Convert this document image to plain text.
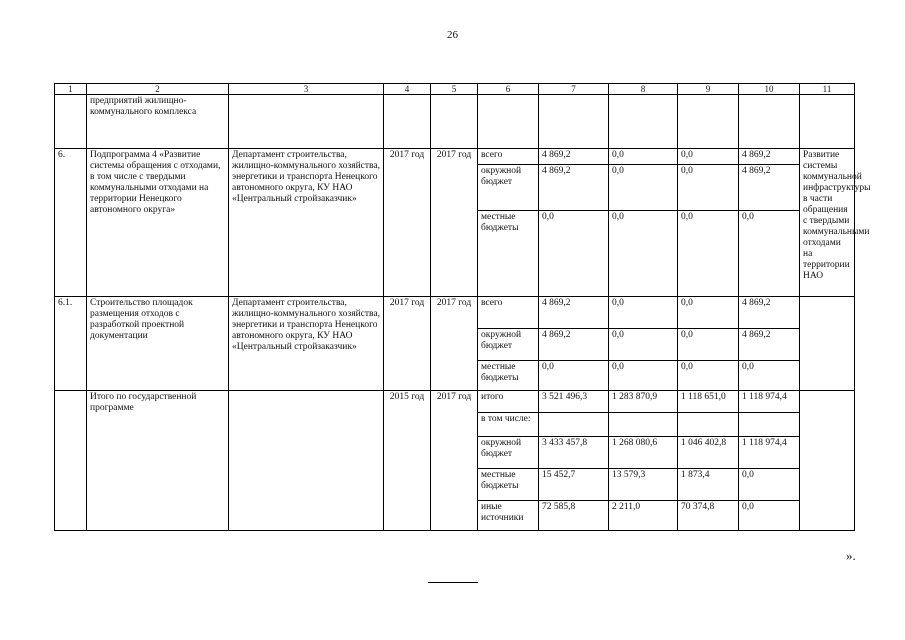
26
1	2	3	4	5	6	7	8	9	10	11
	предприятий жилищно-коммунального комплекса									
6.	Подпрограмма 4 «Развитие системы обращения с отходами, в том числе с твердыми коммунальными отходами на территории Ненецкого автономного округа»	Департамент строительства, жилищно-коммунального хозяйства, энергетики и транспорта Ненецкого автономного округа, КУ НАО «Центральный стройзаказчик»	2017 год	2017 год	всего	4 869,2	0,0	0,0	4 869,2	Развитие системы коммунальной инфраструктуры в части обращения с твердыми коммунальными отходами на территории НАО
					окружной бюджет	4 869,2	0,0	0,0	4 869,2	
					местные бюджеты	0,0	0,0	0,0	0,0	
6.1.	Строительство площадок размещения отходов с разработкой проектной документации	Департамент строительства, жилищно-коммунального хозяйства, энергетики и транспорта Ненецкого автономного округа, КУ НАО «Центральный стройзаказчик»	2017 год	2017 год	всего	4 869,2	0,0	0,0	4 869,2	
					окружной бюджет	4 869,2	0,0	0,0	4 869,2	
					местные бюджеты	0,0	0,0	0,0	0,0	
	Итого по государственной программе		2015 год	2017 год	итого	3 521 496,3	1 283 870,9	1 118 651,0	1 118 974,4	
					в том числе:					
					окружной бюджет	3 433 457,8	1 268 080,6	1 046 402,8	1 118 974,4	
					местные бюджеты	15 452,7	13 579,3	1 873,4	0,0	
					иные источники	72 585,8	2 211,0	70 374,8	0,0	
».
